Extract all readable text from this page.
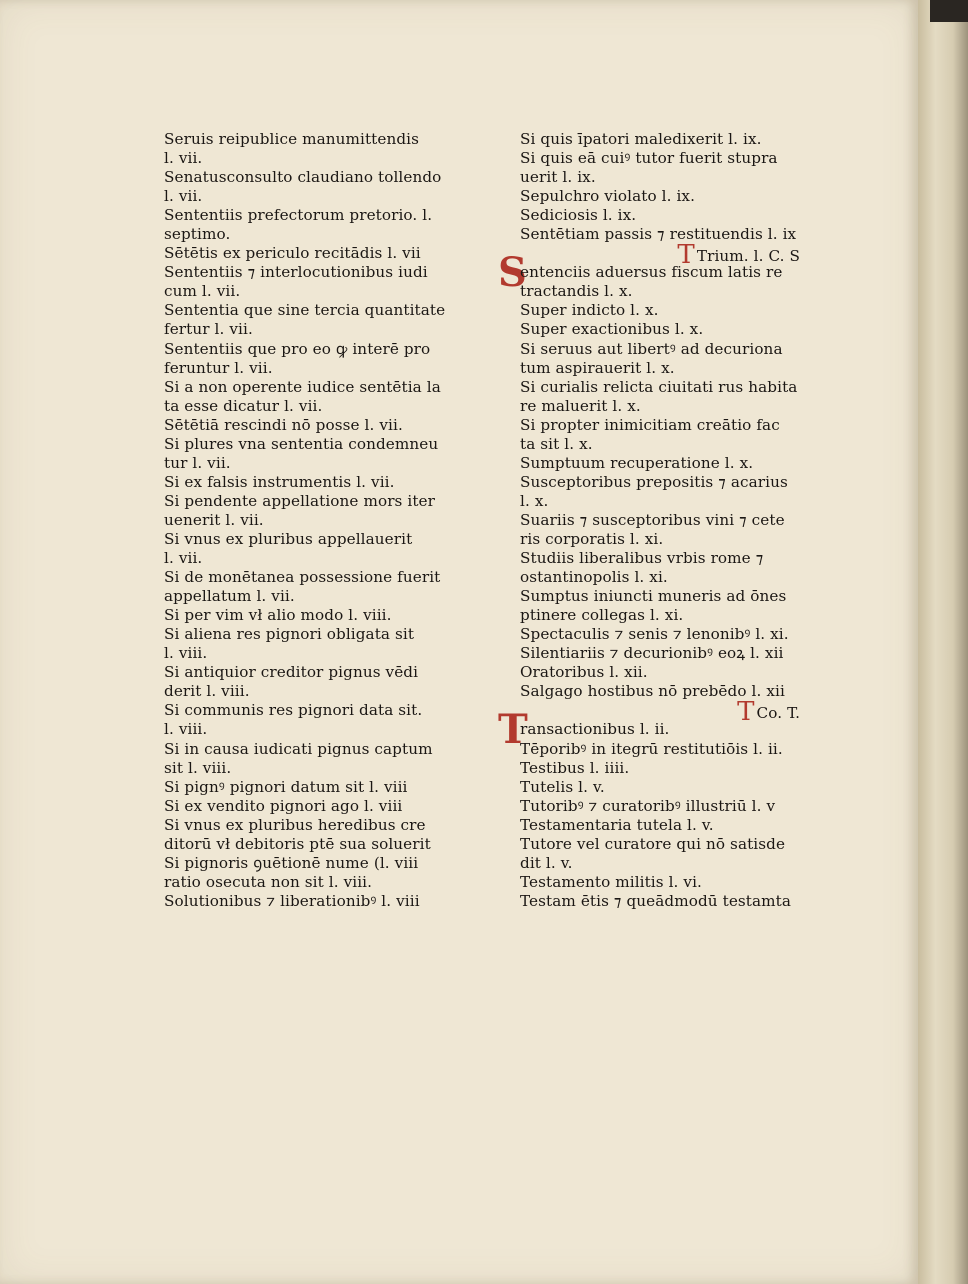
Seruis reipublice manumittendis
l. vii.
Senatusconsulto claudiano tollendo
l. vii.
Sententiis prefectorum pretorio. l.
septimo.
Sētētis ex periculo recitādis l. vii
Sententiis ⁊ interlocutionibus iudi
cum l. vii.
Sententia que sine tercia quantitate
fertur l. vii.
Sententiis que pro eo ꝙ interē pro
feruntur l. vii.
Si a non operente iudice sentētia la
ta esse dicatur l. vii.
Sētētiā rescindi nō posse l. vii.
Si plures vna sententia condemneu
tur l. vii.
Si ex falsis instrumentis l. vii.
Si pendente appellatione mors iter
uenerit l. vii.
Si vnus ex pluribus appellauerit
l. vii.
Si de monētanea possessione fuerit
appellatum l. vii.
Si per vim vł alio modo l. viii.
Si aliena res pignori obligata sit
l. viii.
Si antiquior creditor pignus vēdi
derit l. viii.
Si communis res pignori data sit.
l. viii.
Si in causa iudicati pignus captum
sit l. viii.
Si pignꝰ pignori datum sit l. viii
Si ex vendito pignori ago l. viii
Si vnus ex pluribus heredibus cre
ditorū vł debitoris ptē sua soluerit
Si pignoris ꝯuētionē nume (l. viii
ratio osecuta non sit l. viii.
Solutionibus ⁊ liberationibꝰ l. viii
Si quis īpatori maledixerit l. ix.
Si quis eā cuiꝰ tutor fuerit stupra
uerit l. ix.
Sepulchro violato l. ix.
Sediciosis l. ix.
Sentētiam passis ⁊ restituendis l. ix
T Trium. l. C. S
Sentenciis aduersus fiscum latis re
tractandis l. x.
Super indicto l. x.
Super exactionibus l. x.
Si seruus aut libertꝰ ad decuriona
tum aspirauerit l. x.
Si curialis relicta ciuitati rus habita
re maluerit l. x.
Si propter inimicitiam creātio fac
ta sit l. x.
Sumptuum recuperatione l. x.
Susceptoribus prepositis ⁊ acarius
l. x.
Suariis ⁊ susceptoribus vini ⁊ cete
ris corporatis l. xi.
Studiis liberalibus vrbis rome ⁊
ostantinopolis l. xi.
Sumptus iniuncti muneris ad ōnes
ptinere collegas l. xi.
Spectaculis ⁊ senis ⁊ lenonibꝰ l. xi.
Silentiariis ⁊ decurionibꝰ eoꝝ l. xii
Oratoribus l. xii.
Salgago hostibus nō prebēdo l. xii
T Co. T.
Transactionibus l. ii.
Tēporibꝰ in itegrū restitutiōis l. ii.
Testibus l. iiii.
Tutelis l. v.
Tutoribꝰ ⁊ curatoribꝰ illustriū l. v
Testamentaria tutela l. v.
Tutore vel curatore qui nō satisde
dit l. v.
Testamento militis l. vi.
Testam ētis ⁊ queādmodū testamta
